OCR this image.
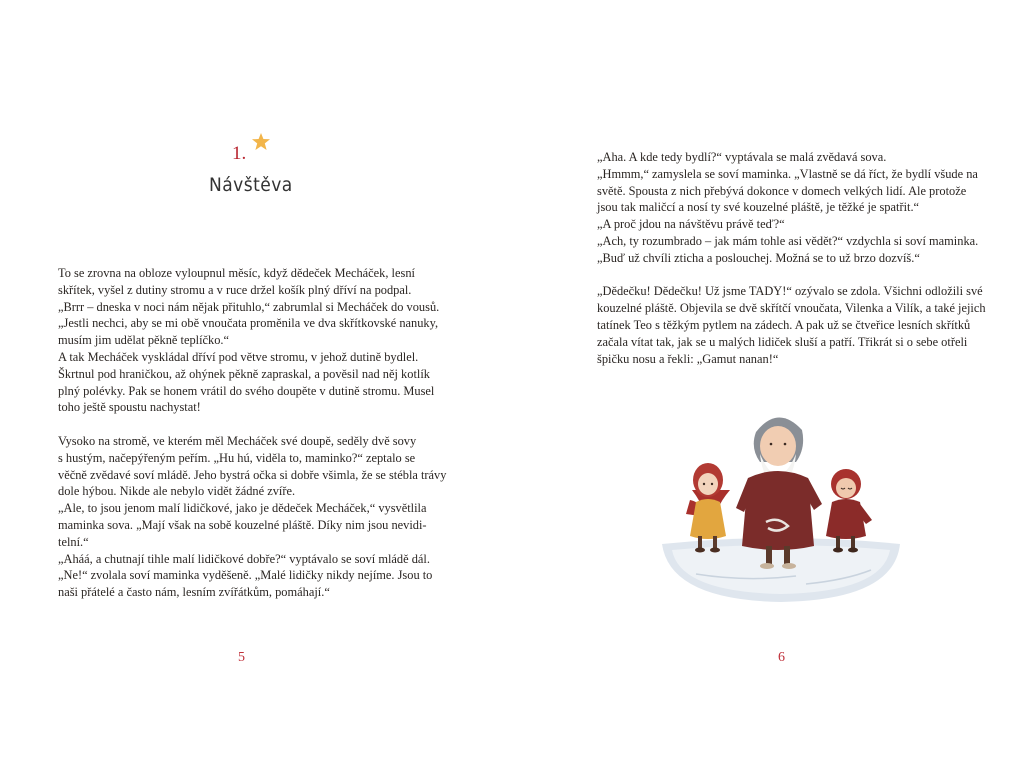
1.
Návštěva

To se zrovna na obloze vyloupnul měsíc, když dědeček Mecháček, lesní

skřítek, vyšel z dutiny stromu a v ruce držel košík plný dříví na podpal.

„Brrr – dneska v noci nám nějak přituhlo,“ zabrumlal si Mecháček do vousů.

„Jestli nechci, aby se mi obě vnoučata proměnila ve dva skřítkovské nanuky,

musím jim udělat pěkně teplíčko.“

A tak Mecháček vyskládal dříví pod větve stromu, v jehož dutině bydlel.

Škrtnul pod hraničkou, až ohýnek pěkně zapraskal, a pověsil nad něj kotlík

plný polévky. Pak se honem vrátil do svého doupěte v dutině stromu. Musel

toho ještě spoustu nachystat!

Vysoko na stromě, ve kterém měl Mecháček své doupě, seděly dvě sovy

s hustým, načepýřeným peřím. „Hu hú, viděla to, maminko?“ zeptalo se

věčně zvědavé soví mládě. Jeho bystrá očka si dobře všimla, že se stébla trávy

dole hýbou. Nikde ale nebylo vidět žádné zvíře.

„Ale, to jsou jenom malí lidičkové, jako je dědeček Mecháček,“ vysvětlila

maminka sova. „Mají však na sobě kouzelné pláště. Díky nim jsou nevidi-

telní.“

„Aháá, a chutnají tihle malí lidičkové dobře?“ vyptávalo se soví mládě dál.

„Ne!“ zvolala soví maminka vyděšeně. „Malé lidičky nikdy nejíme. Jsou to

naši přátelé a často nám, lesním zvířátkům, pomáhají.“

5

„Aha. A kde tedy bydlí?“ vyptávala se malá zvědavá sova.

„Hmmm,“ zamyslela se soví maminka. „Vlastně se dá říct, že bydlí všude na

světě. Spousta z nich přebývá dokonce v domech velkých lidí. Ale protože

jsou tak maličcí a nosí ty své kouzelné pláště, je těžké je spatřit.“

„A proč jdou na návštěvu právě teď?“

„Ach, ty rozumbrado – jak mám tohle asi vědět?“ vzdychla si soví maminka.

„Buď už chvíli zticha a poslouchej. Možná se to už brzo dozvíš.“

„Dědečku! Dědečku! Už jsme TADY!“ ozývalo se zdola. Všichni odložili své

kouzelné pláště. Objevila se dvě skřítčí vnoučata, Vilenka a Vilík, a také jejich

tatínek Teo s těžkým pytlem na zádech. A pak už se čtveřice lesních skřítků

začala vítat tak, jak se u malých lidiček sluší a patří. Třikrát si o sebe otřeli

špičku nosu a řekli: „Gamut nanan!“

6
